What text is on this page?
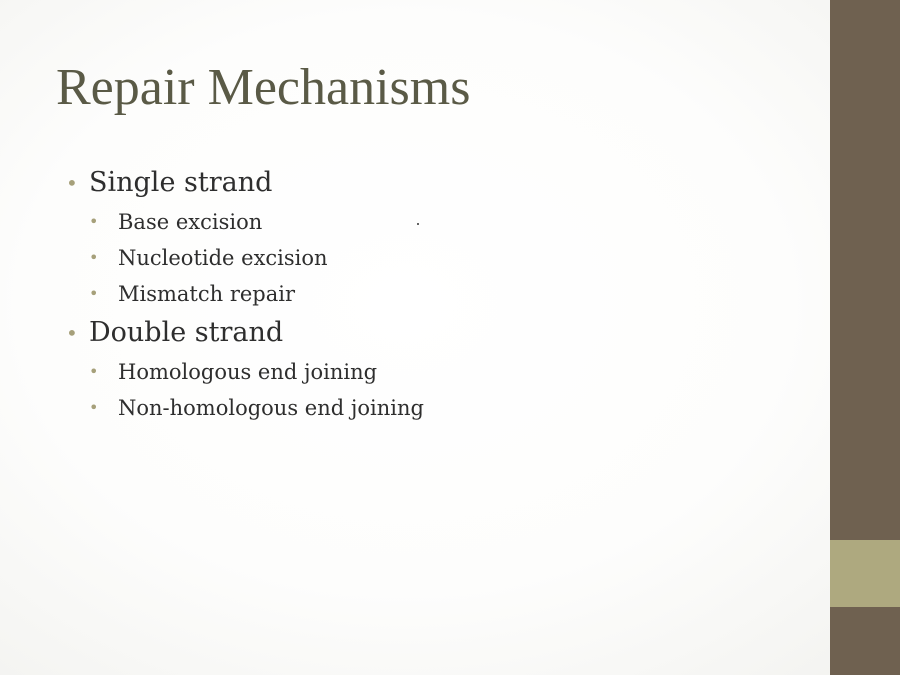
Repair Mechanisms
• Single strand
• Base excision
• Nucleotide excision
• Mismatch repair
• Double strand
• Homologous end joining
• Non-homologous end joining
